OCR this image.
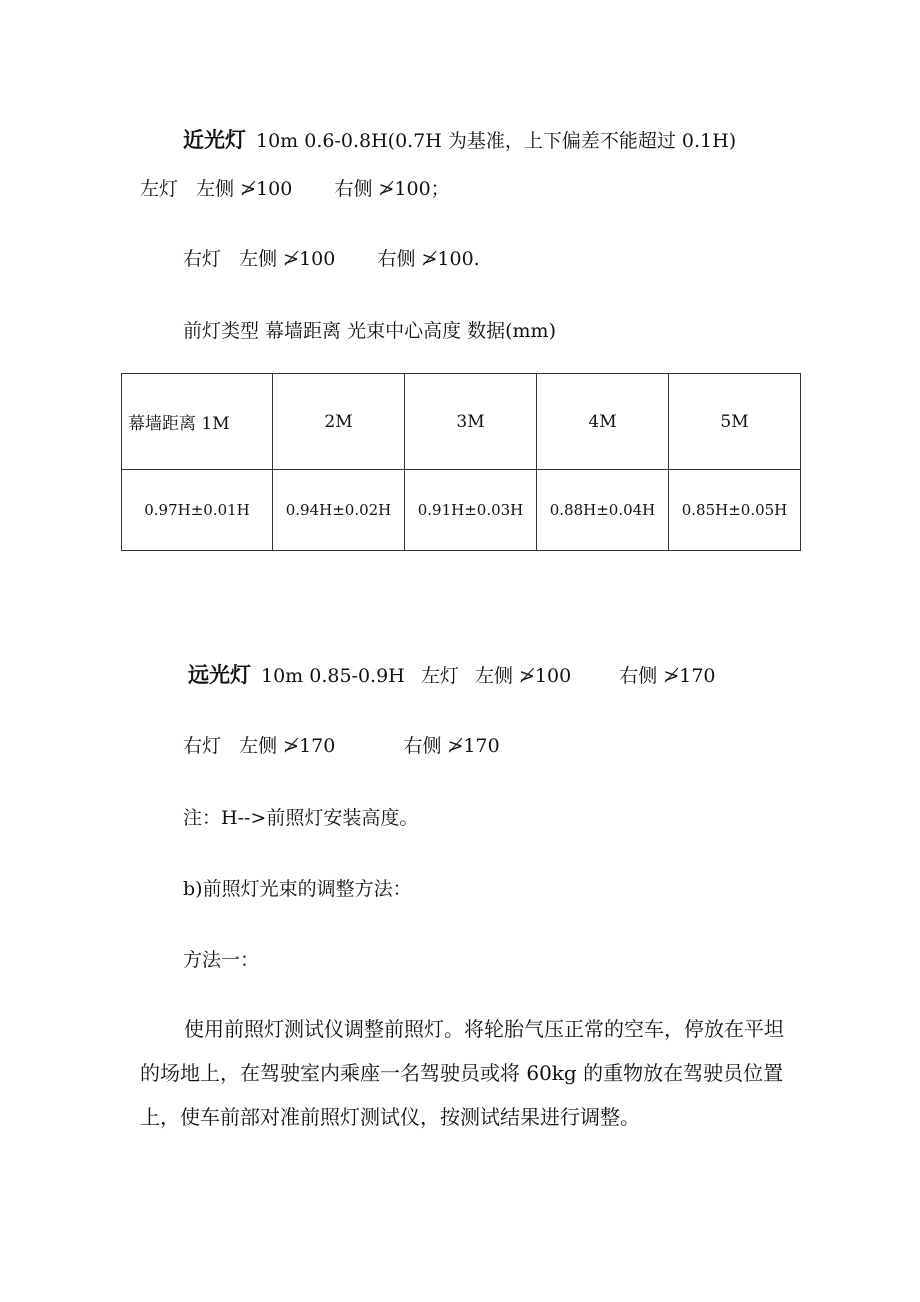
近光灯 10m 0.6-0.8H(0.7H 为基准，上下偏差不能超过 0.1H)
左灯 左侧 ≯100 右侧 ≯100；
右灯 左侧 ≯100 右侧 ≯100.
前灯类型 幕墙距离 光束中心高度 数据(mm)
幕墙距离 1M	2M	3M	4M	5M
0.97H±0.01H	0.94H±0.02H	0.91H±0.03H	0.88H±0.04H	0.85H±0.05H
远光灯 10m 0.85-0.9H 左灯 左侧 ≯100	右侧 ≯170
右灯 左侧 ≯170	右侧 ≯170
注：H-->前照灯安装高度。
b)前照灯光束的调整方法：
方法一：
使用前照灯测试仪调整前照灯。将轮胎气压正常的空车，停放在平坦的场地上，在驾驶室内乘座一名驾驶员或将 60kg 的重物放在驾驶员位置上，使车前部对准前照灯测试仪，按测试结果进行调整。
